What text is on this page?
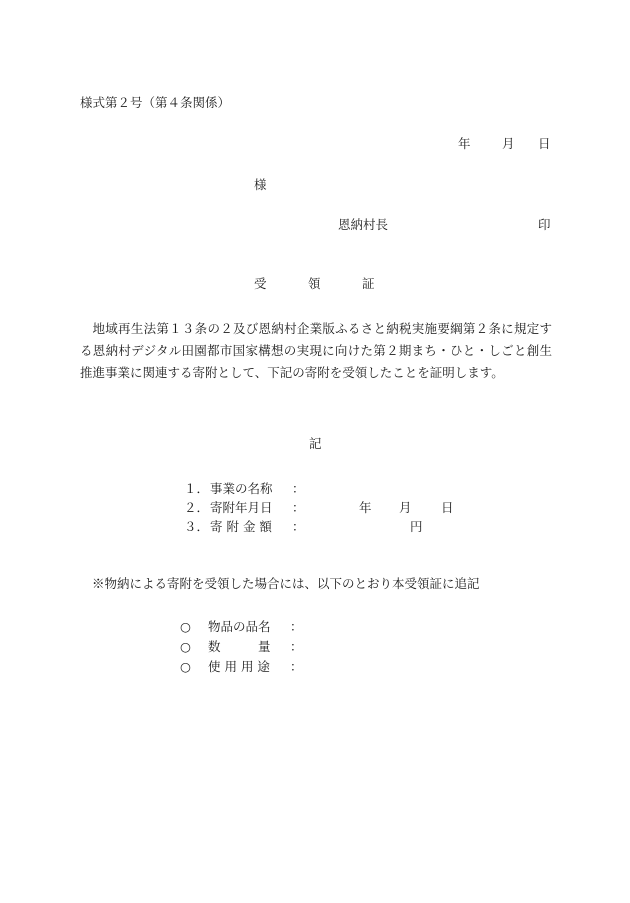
様式第２号（第４条関係）
年	月 日
様
恩納村長	印
受	領	証
地域再生法第１３条の２及び恩納村企業版ふるさと納税実施要綱第２条に規定する恩納村デジタル田園都市国家構想の実現に向けた第２期まち・ひと・しごと創生推進事業に関連する寄附として、下記の寄附を受領したことを証明します。
記
１．事業の名称 ：
２．寄附年月日 ：	年 月 日
３．寄 附 金 額 ：	円
※物納による寄附を受領した場合には、以下のとおり本受領証に追記
○ 物品の品名 ：
○ 数　　　量 ：
○ 使 用 用 途 ：
